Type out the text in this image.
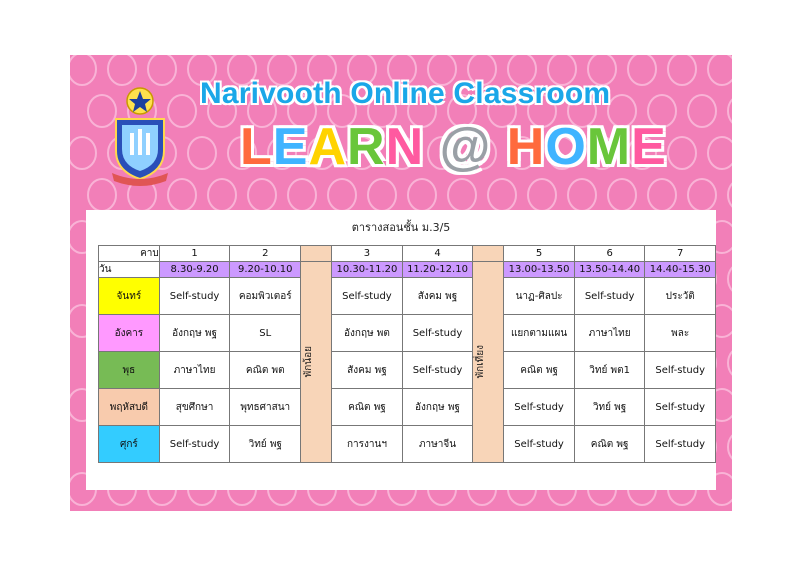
Narivooth Online Classroom
LEARN @ HOME
ตารางสอนชั้น ม.3/5
คาบ	1	2		3	4		5	6	7
วัน	8.30-9.20	9.20-10.10	พักน้อย	10.30-11.20	11.20-12.10	พักเที่ยง	13.00-13.50	13.50-14.40	14.40-15.30
จันทร์	Self-study	คอมพิวเตอร์		Self-study	สังคม พฐ		นาฏ-ศิลปะ	Self-study	ประวัติ
อังคาร	อังกฤษ พฐ	SL		อังกฤษ พต	Self-study		แยกตามแผน	ภาษาไทย	พละ
พุธ	ภาษาไทย	คณิต พต		สังคม พฐ	Self-study		คณิต พฐ	วิทย์ พต1	Self-study
พฤหัสบดี	สุขศึกษา	พุทธศาสนา		คณิต พฐ	อังกฤษ พฐ		Self-study	วิทย์ พฐ	Self-study
ศุกร์	Self-study	วิทย์ พฐ		การงานฯ	ภาษาจีน		Self-study	คณิต พฐ	Self-study
